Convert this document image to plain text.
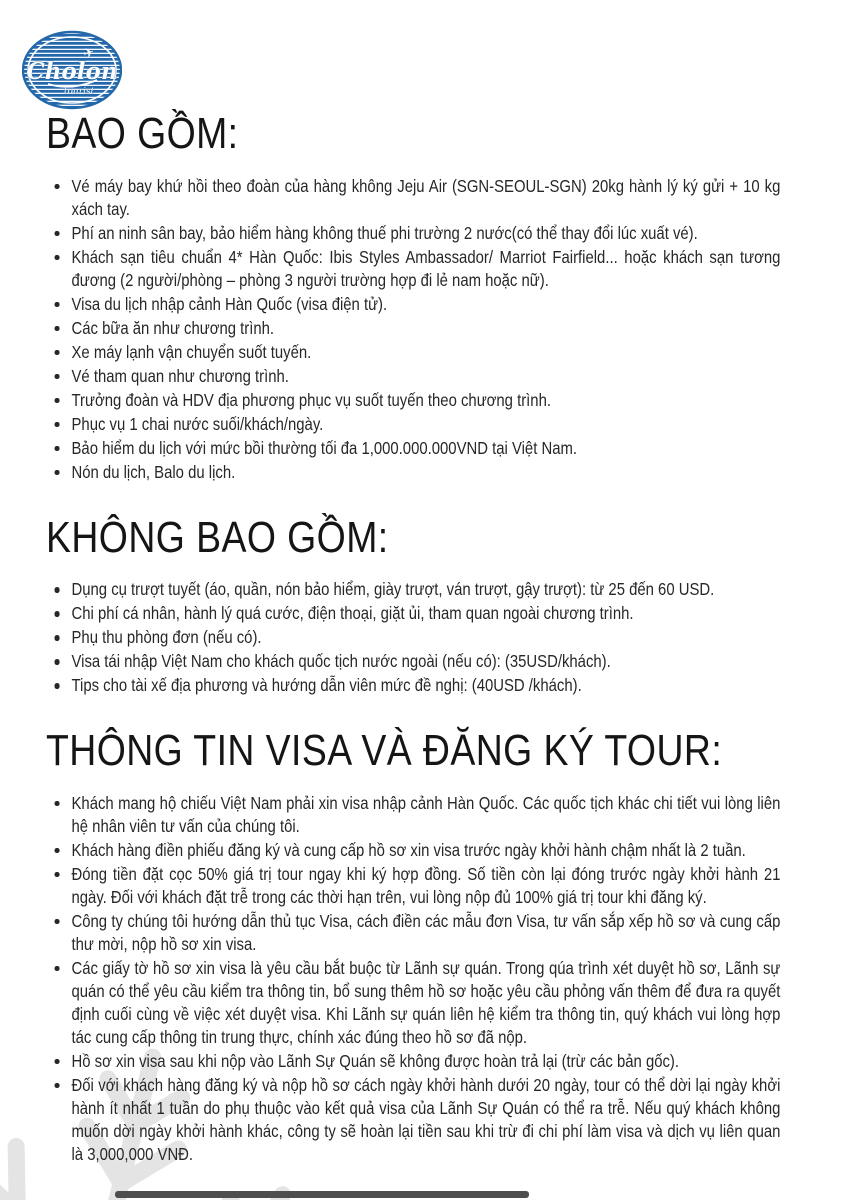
✈
Cholon
tourist
BAO GỒM:
Vé máy bay khứ hồi theo đoàn của hàng không Jeju Air (SGN-SEOUL-SGN) 20kg hành lý ký gửi + 10 kg xách tay.
Phí an ninh sân bay, bảo hiểm hàng không thuế phi trường 2 nước(có thể thay đổi lúc xuất vé).
Khách sạn tiêu chuẩn 4* Hàn Quốc: Ibis Styles Ambassador/ Marriot Fairfield... hoặc khách sạn tương đương (2 người/phòng – phòng 3 người trường hợp đi lẻ nam hoặc nữ).
Visa du lịch nhập cảnh Hàn Quốc (visa điện tử).
Các bữa ăn như chương trình.
Xe máy lạnh vận chuyển suốt tuyến.
Vé tham quan như chương trình.
Trưởng đoàn và HDV địa phương phục vụ suốt tuyến theo chương trình.
Phục vụ 1 chai nước suối/khách/ngày.
Bảo hiểm du lịch với mức bồi thường tối đa 1,000.000.000VND tại Việt Nam.
Nón du lịch, Balo du lịch.
KHÔNG BAO GỒM:
Dụng cụ trượt tuyết (áo, quần, nón bảo hiểm, giày trượt, ván trượt, gậy trượt): từ 25 đến 60 USD.
Chi phí cá nhân, hành lý quá cước, điện thoại, giặt ủi, tham quan ngoài chương trình.
Phụ thu phòng đơn (nếu có).
Visa tái nhập Việt Nam cho khách quốc tịch nước ngoài (nếu có): (35USD/khách).
Tips cho tài xế địa phương và hướng dẫn viên mức đề nghị: (40USD /khách).
THÔNG TIN VISA VÀ ĐĂNG KÝ TOUR:
Khách mang hộ chiếu Việt Nam phải xin visa nhập cảnh Hàn Quốc. Các quốc tịch khác chi tiết vui lòng liên hệ nhân viên tư vấn của chúng tôi.
Khách hàng điền phiếu đăng ký và cung cấp hồ sơ xin visa trước ngày khởi hành chậm nhất là 2 tuần.
Đóng tiền đặt cọc 50% giá trị tour ngay khi ký hợp đồng. Số tiền còn lại đóng trước ngày khởi hành 21 ngày. Đối với khách đặt trễ trong các thời hạn trên, vui lòng nộp đủ 100% giá trị tour khi đăng ký.
Công ty chúng tôi hướng dẫn thủ tục Visa, cách điền các mẫu đơn Visa, tư vấn sắp xếp hồ sơ và cung cấp thư mời, nộp hồ sơ xin visa.
Các giấy tờ hồ sơ xin visa là yêu cầu bắt buộc từ Lãnh sự quán. Trong qúa trình xét duyệt hồ sơ, Lãnh sự quán có thể yêu cầu kiểm tra thông tin, bổ sung thêm hồ sơ hoặc yêu cầu phỏng vấn thêm để đưa ra quyết định cuối cùng về việc xét duyệt visa. Khi Lãnh sự quán liên hệ kiểm tra thông tin, quý khách vui lòng hợp tác cung cấp thông tin trung thực, chính xác đúng theo hồ sơ đã nộp.
Hồ sơ xin visa sau khi nộp vào Lãnh Sự Quán sẽ không được hoàn trả lại (trừ các bản gốc).
Đối với khách hàng đăng ký và nộp hồ sơ cách ngày khởi hành dưới 20 ngày, tour có thể dời lại ngày khởi hành ít nhất 1 tuần do phụ thuộc vào kết quả visa của Lãnh Sự Quán có thể ra trễ. Nếu quý khách không muốn dời ngày khởi hành khác, công ty sẽ hoàn lại tiền sau khi trừ đi chi phí làm visa và dịch vụ liên quan là 3,000,000 VNĐ.
